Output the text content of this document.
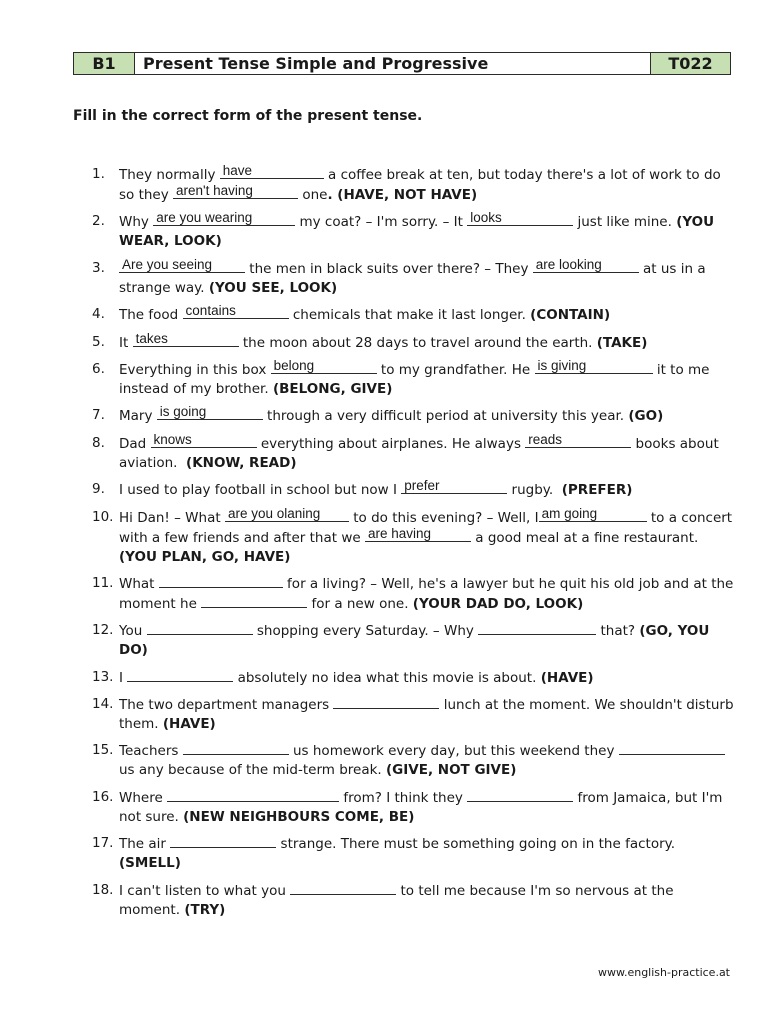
B1	Present Tense Simple and Progressive	T022
Fill in the correct form of the present tense.
1. They normally have	a coffee break at ten, but today there's a lot of work to do so they aren't having	one. (HAVE, NOT HAVE)
2. Why are you wearing	my coat? – I'm sorry. – It looks	just like mine. (YOU WEAR, LOOK)
3. Are you seeing the men in black suits over there? – They are looking	at us in a strange way. (YOU SEE, LOOK)
4. The food contains	chemicals that make it last longer. (CONTAIN)
5. It takes	the moon about 28 days to travel around the earth. (TAKE)
6. Everything in this box belong	to my grandfather. He is giving	it to me instead of my brother. (BELONG, GIVE)
7. Mary is going	through a very difficult period at university this year. (GO)
8. Dad knows	everything about airplanes. He always reads	books about aviation.  (KNOW, READ)
9. I used to play football in school but now I prefer	rugby.  (PREFER)
10. Hi Dan! – What are you olaning to do this evening? – Well, I am going	to a concert with a few friends and after that we are having	a good meal at a fine restaurant.  (YOU PLAN, GO, HAVE)
11. What	for a living? – Well, he's a lawyer but he quit his old job and at the moment he	for a new one. (YOUR DAD DO, LOOK)
12. You	shopping every Saturday. – Why	that? (GO, YOU DO)
13. I	absolutely no idea what this movie is about. (HAVE)
14. The two department managers	lunch at the moment. We shouldn't disturb them. (HAVE)
15. Teachers	us homework every day, but this weekend they	us any because of the mid-term break. (GIVE, NOT GIVE)
16. Where	from? I think they	from Jamaica, but I'm not sure. (NEW NEIGHBOURS COME, BE)
17. The air	strange. There must be something going on in the factory. (SMELL)
18. I can't listen to what you	to tell me because I'm so nervous at the moment. (TRY)
www.english-practice.at
